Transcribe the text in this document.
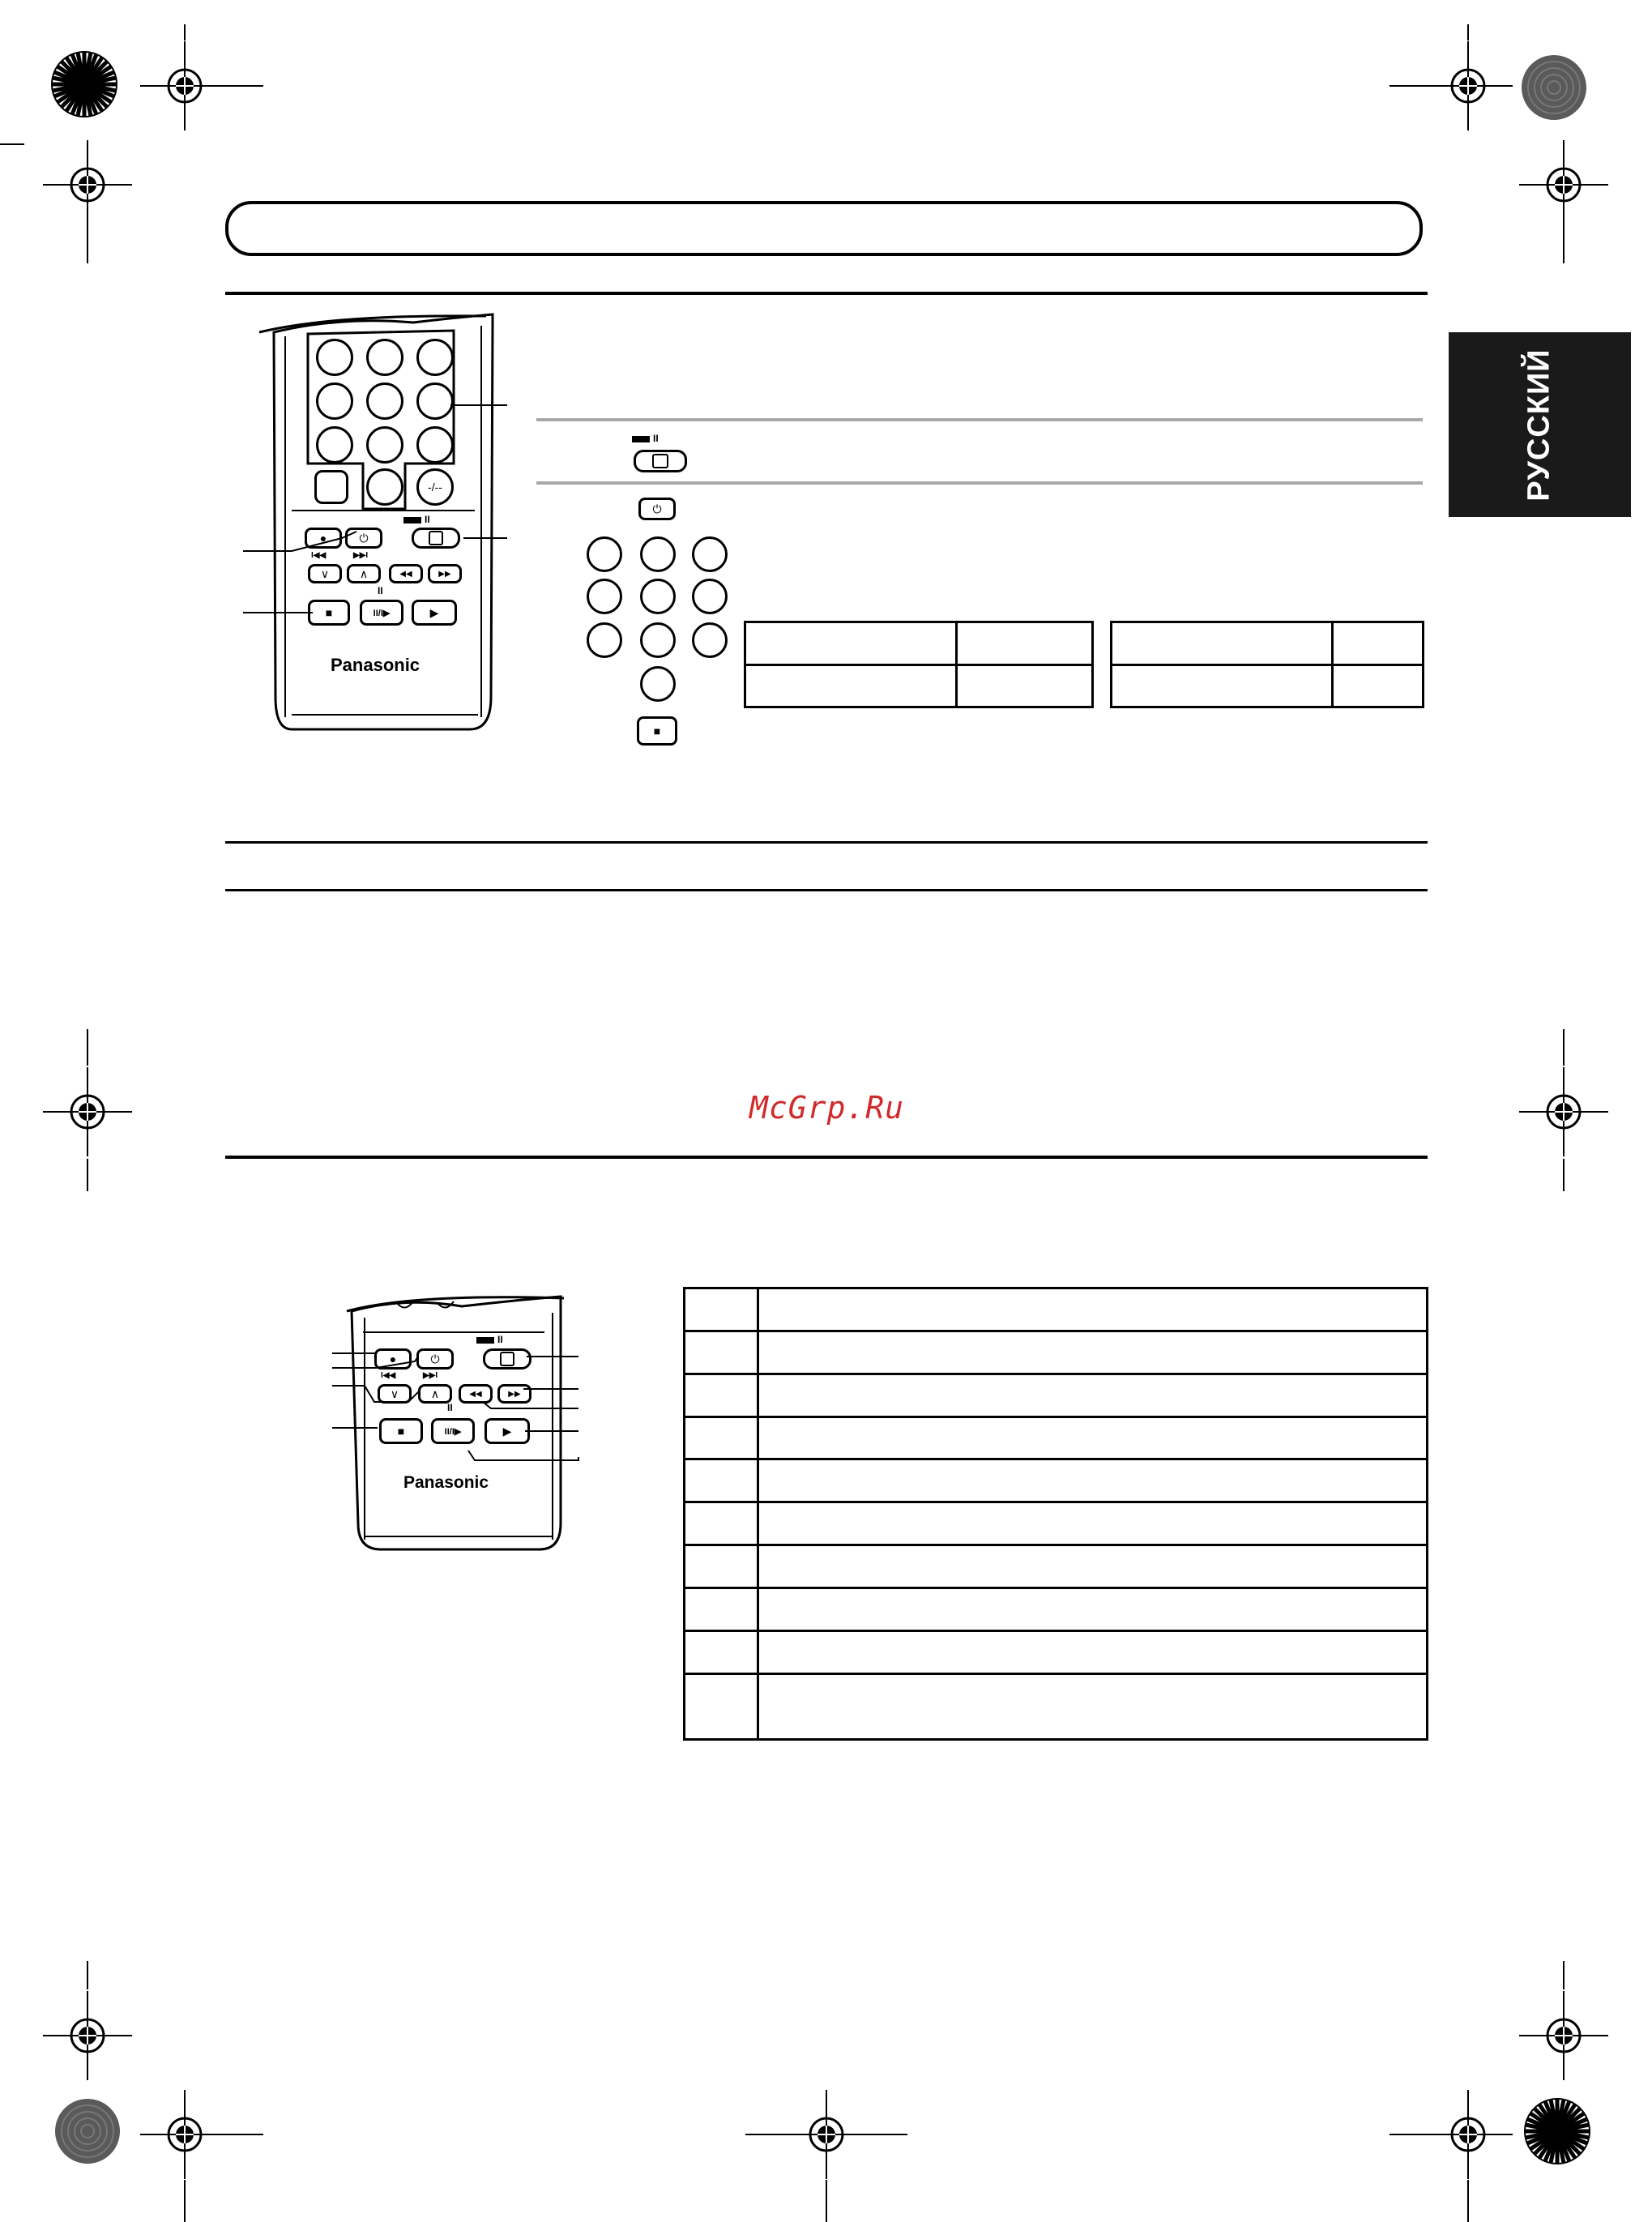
РУССКИЙ
-/--
II
●	⏻
I◀◀	▶▶I
∨	∧	◀◀	▶▶
II
■	II/I▶	▶
Panasonic
II
⏻
■

McGrp.Ru
II
●	⏻
I◀◀	▶▶I
∨	∧	◀◀	▶▶
II
■	II/I▶	▶
Panasonic
